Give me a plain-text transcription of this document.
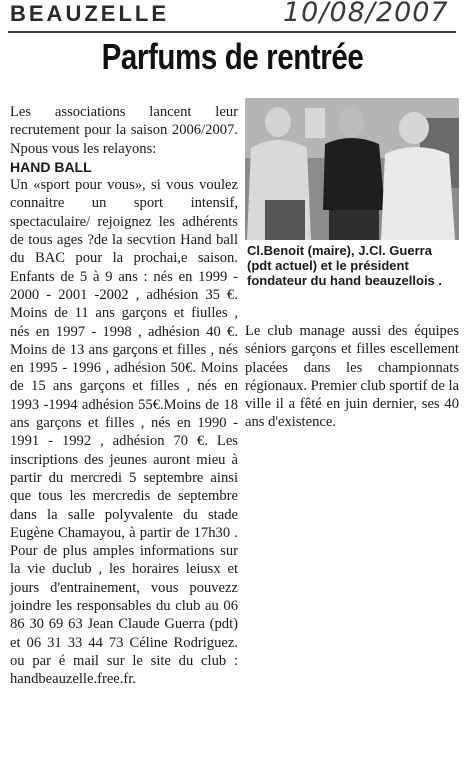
BEAUZELLE	10/08/2007
Parfums de rentrée

Les associations lancent leur recrutement pour la saison 2006/2007. Npous vous les relayons:

HAND BALL

Un «sport pour vous», si vous voulez connaitre un sport intensif, spectaculaire/ rejoignez les adhérents de tous ages ?de la secvtion Hand ball du BAC pour la prochai,e saison. Enfants de 5 à 9 ans : nés en 1999 - 2000 - 2001 -2002 , adhésion 35 €. Moins de 11 ans garçons et fiulles , nés en 1997 - 1998 , adhésion 40 €. Moins de 13 ans garçons et filles , nés en 1995 - 1996 , adhésion 50€. Moins de 15 ans garçons et filles , nés en 1993 -1994 adhésion 55€.Moins de 18 ans garçons et filles , nés en 1990 - 1991 - 1992 , adhésion 70 €. Les inscriptions des jeunes auront mieu à partir du mercredi 5 septembre ainsi que tous les mercredis de septembre dans la salle polyvalente du stade Eugène Chamayou, à partir de 17h30 . Pour de plus amples informations sur la vie duclub , les horaires leiusx et jours d'entrainement, vous pouvezz joindre les responsables du club au 06 86 30 69 63 Jean Claude Guerra (pdt) et 06 31 33 44 73 Céline Rodriguez. ou par é mail sur le site du club : handbeauzelle.free.fr.

Cl.Benoit (maire), J.Cl. Guerra (pdt actuel) et le président fondateur du hand beauzellois .

Le club manage aussi des équipes séniors garçons et filles escellement placées dans les championnats régionaux. Premier club sportif de la ville il a fêté en juin dernier, ses 40 ans d'existence.
